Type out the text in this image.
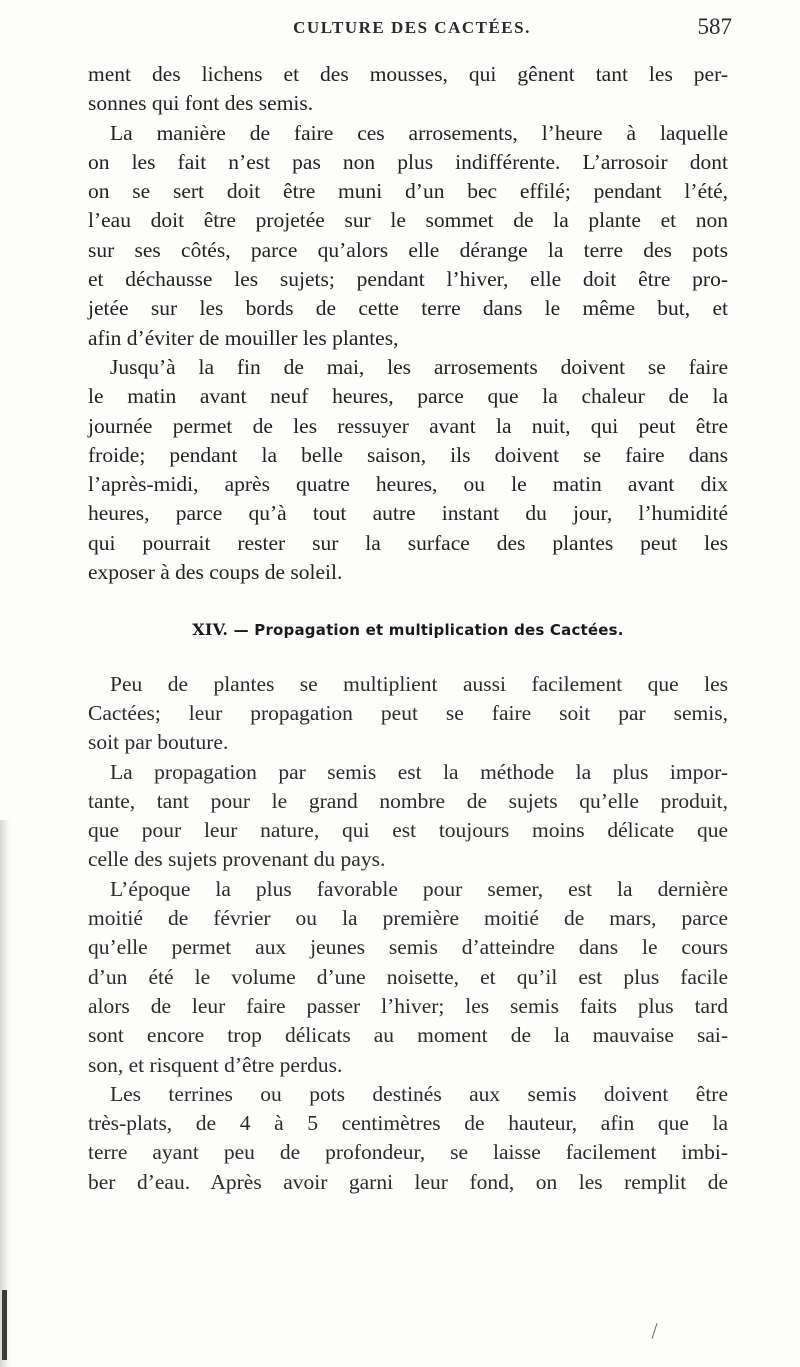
CULTURE DES CACTÉES.	587
ment des lichens et des mousses, qui gênent tant les per-
sonnes qui font des semis.
La manière de faire ces arrosements, l’heure à laquelle
on les fait n’est pas non plus indifférente. L’arrosoir dont
on se sert doit être muni d’un bec effilé; pendant l’été,
l’eau doit être projetée sur le sommet de la plante et non
sur ses côtés, parce qu’alors elle dérange la terre des pots
et déchausse les sujets; pendant l’hiver, elle doit être pro-
jetée sur les bords de cette terre dans le même but, et
afin d’éviter de mouiller les plantes,
Jusqu’à la fin de mai, les arrosements doivent se faire
le matin avant neuf heures, parce que la chaleur de la
journée permet de les ressuyer avant la nuit, qui peut être
froide; pendant la belle saison, ils doivent se faire dans
l’après-midi, après quatre heures, ou le matin avant dix
heures, parce qu’à tout autre instant du jour, l’humidité
qui pourrait rester sur la surface des plantes peut les
exposer à des coups de soleil.
XIV. — Propagation et multiplication des Cactées.
Peu de plantes se multiplient aussi facilement que les
Cactées; leur propagation peut se faire soit par semis,
soit par bouture.
La propagation par semis est la méthode la plus impor-
tante, tant pour le grand nombre de sujets qu’elle produit,
que pour leur nature, qui est toujours moins délicate que
celle des sujets provenant du pays.
L’époque la plus favorable pour semer, est la dernière
moitié de février ou la première moitié de mars, parce
qu’elle permet aux jeunes semis d’atteindre dans le cours
d’un été le volume d’une noisette, et qu’il est plus facile
alors de leur faire passer l’hiver; les semis faits plus tard
sont encore trop délicats au moment de la mauvaise sai-
son, et risquent d’être perdus.
Les terrines ou pots destinés aux semis doivent être
très-plats, de 4 à 5 centimètres de hauteur, afin que la
terre ayant peu de profondeur, se laisse facilement imbi-
ber d’eau. Après avoir garni leur fond, on les remplit de
